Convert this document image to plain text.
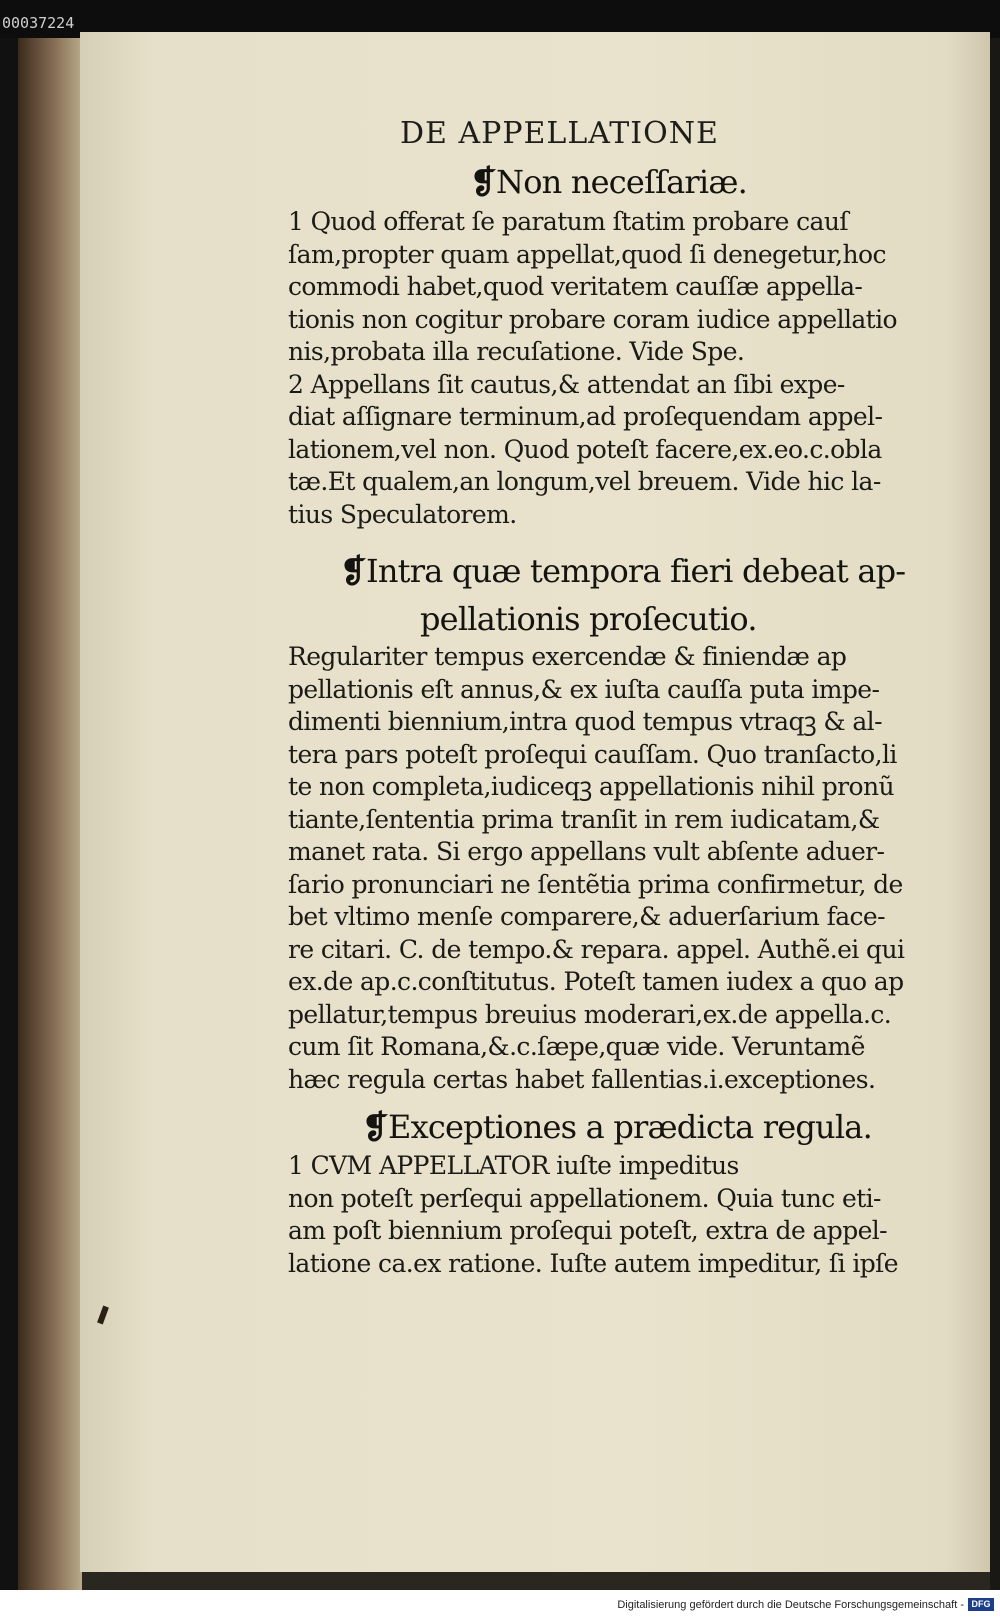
00037224
DE APPELLATIONE
❡Non neceſſariæ.
1 Quod offerat ſe paratum ſtatim probare cauſ
ſam,propter quam appellat,quod ſi denegetur,hoc
commodi habet,quod veritatem cauſſæ appella-
tionis non cogitur probare coram iudice appellatio
nis,probata illa recuſatione. Vide Spe.
2 Appellans ſit cautus,& attendat an ſibi expe-
diat aſſignare terminum,ad proſequendam appel-
lationem,vel non. Quod poteſt facere,ex.eo.c.obla
tæ.Et qualem,an longum,vel breuem. Vide hic la-
tius Speculatorem.
❡Intra quæ tempora fieri debeat ap-
pellationis proſecutio.
Regulariter tempus exercendæ & finiendæ ap
pellationis eſt annus,& ex iuſta cauſſa puta impe-
dimenti biennium,intra quod tempus vtraqꝫ & al-
tera pars poteſt proſequi cauſſam. Quo tranſacto,li
te non completa,iudiceqꝫ appellationis nihil pronũ
tiante,ſententia prima tranſit in rem iudicatam,&
manet rata. Si ergo appellans vult abſente aduer-
ſario pronunciari ne ſentẽtia prima confirmetur, de
bet vltimo menſe comparere,& aduerſarium face-
re citari. C. de tempo.& repara. appel. Authẽ.ei qui
ex.de ap.c.conſtitutus. Poteſt tamen iudex a quo ap
pellatur,tempus breuius moderari,ex.de appella.c.
cum ſit Romana,&.c.ſæpe,quæ vide. Veruntamẽ
hæc regula certas habet fallentias.i.exceptiones.
❡Exceptiones a prædicta regula.
1 CVM APPELLATOR iuſte impeditus
non poteſt perſequi appellationem. Quia tunc eti-
am poſt biennium proſequi poteſt, extra de appel-
latione ca.ex ratione. Iuſte autem impeditur, ſi ipſe
Digitalisierung gefördert durch die Deutsche Forschungsgemeinschaft - DFG
